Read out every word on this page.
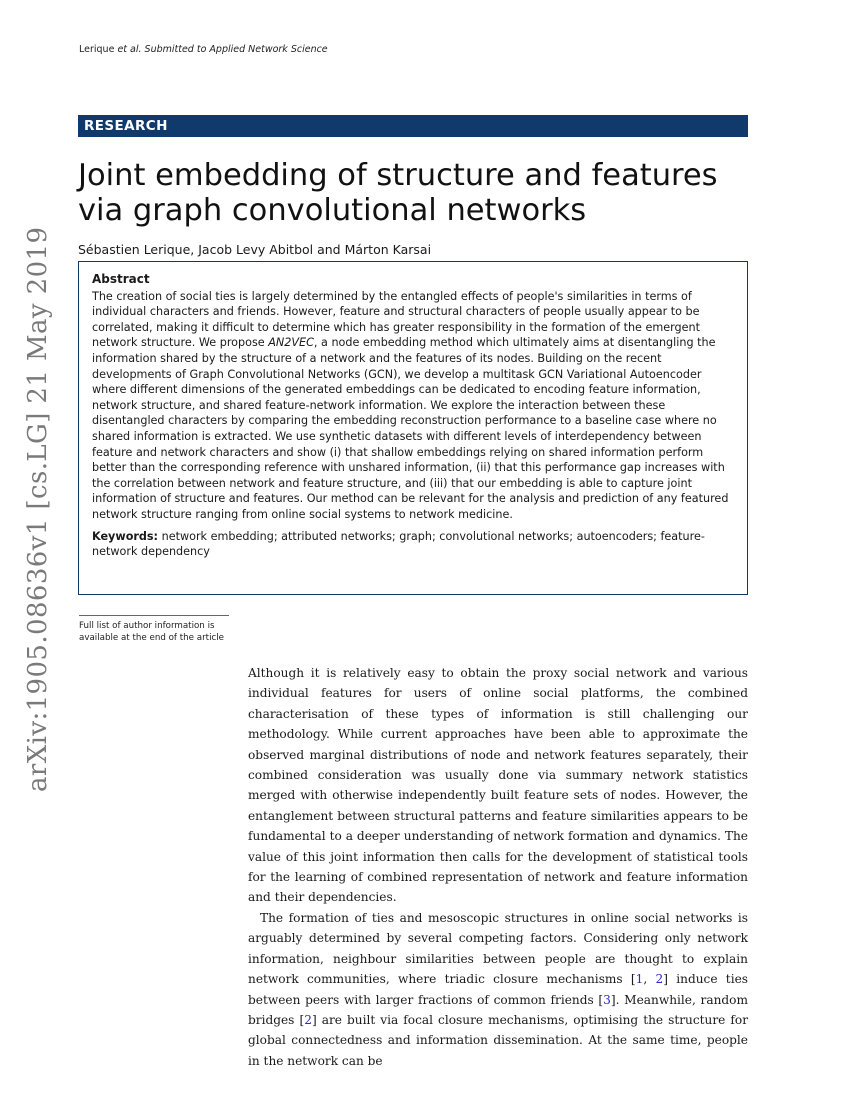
Lerique et al. Submitted to Applied Network Science
RESEARCH
Joint embedding of structure and features via graph convolutional networks
Sébastien Lerique, Jacob Levy Abitbol and Márton Karsai
Abstract

The creation of social ties is largely determined by the entangled effects of people's similarities in terms of individual characters and friends. However, feature and structural characters of people usually appear to be correlated, making it difficult to determine which has greater responsibility in the formation of the emergent network structure. We propose AN2VEC, a node embedding method which ultimately aims at disentangling the information shared by the structure of a network and the features of its nodes. Building on the recent developments of Graph Convolutional Networks (GCN), we develop a multitask GCN Variational Autoencoder where different dimensions of the generated embeddings can be dedicated to encoding feature information, network structure, and shared feature-network information. We explore the interaction between these disentangled characters by comparing the embedding reconstruction performance to a baseline case where no shared information is extracted. We use synthetic datasets with different levels of interdependency between feature and network characters and show (i) that shallow embeddings relying on shared information perform better than the corresponding reference with unshared information, (ii) that this performance gap increases with the correlation between network and feature structure, and (iii) that our embedding is able to capture joint information of structure and features. Our method can be relevant for the analysis and prediction of any featured network structure ranging from online social systems to network medicine.

Keywords: network embedding; attributed networks; graph; convolutional networks; autoencoders; feature-network dependency
Full list of author information is available at the end of the article
arXiv:1905.08636v1 [cs.LG] 21 May 2019	Although it is relatively easy to obtain the proxy social network and various individual features for users of online social platforms, the combined characterisation of these types of information is still challenging our methodology. While current approaches have been able to approximate the observed marginal distributions of node and network features separately, their combined consideration was usually done via summary network statistics merged with otherwise independently built feature sets of nodes. However, the entanglement between structural patterns and feature similarities appears to be fundamental to a deeper understanding of network formation and dynamics. The value of this joint information then calls for the development of statistical tools for the learning of combined representation of network and feature information and their dependencies.

The formation of ties and mesoscopic structures in online social networks is arguably determined by several competing factors. Considering only network information, neighbour similarities between people are thought to explain network communities, where triadic closure mechanisms [1, 2] induce ties between peers with larger fractions of common friends [3]. Meanwhile, random bridges [2] are built via focal closure mechanisms, optimising the structure for global connectedness and information dissemination. At the same time, people in the network can be
